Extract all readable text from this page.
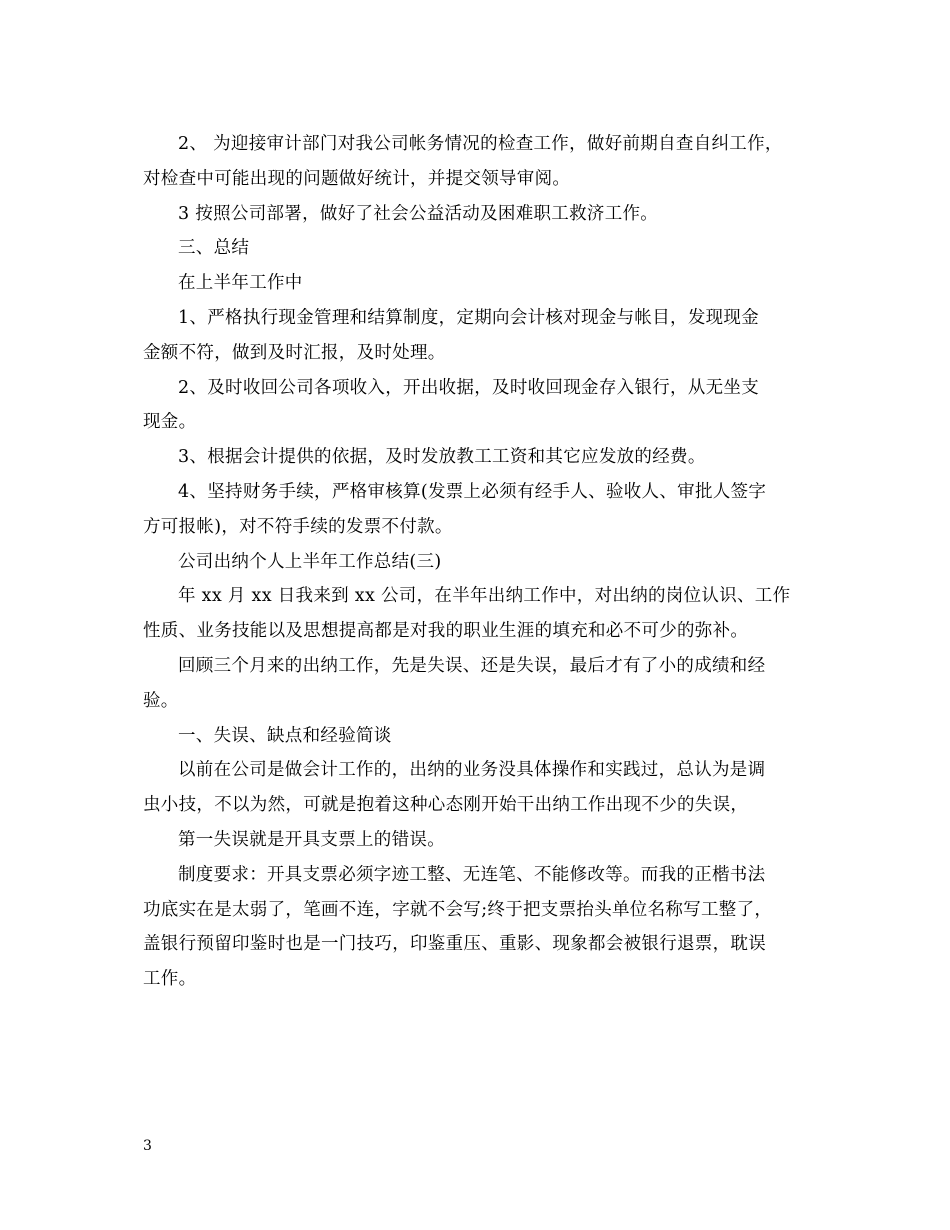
2、 为迎接审计部门对我公司帐务情况的检查工作，做好前期自查自纠工作，
对检查中可能出现的问题做好统计，并提交领导审阅。

3 按照公司部署，做好了社会公益活动及困难职工救济工作。

三、总结

在上半年工作中

1、严格执行现金管理和结算制度，定期向会计核对现金与帐目，发现现金
金额不符，做到及时汇报，及时处理。

2、及时收回公司各项收入，开出收据，及时收回现金存入银行，从无坐支
现金。

3、根据会计提供的依据，及时发放教工工资和其它应发放的经费。

4、坚持财务手续，严格审核算(发票上必须有经手人、验收人、审批人签字
方可报帐)，对不符手续的发票不付款。

公司出纳个人上半年工作总结(三)

年 xx 月 xx 日我来到 xx 公司，在半年出纳工作中，对出纳的岗位认识、工作
性质、业务技能以及思想提高都是对我的职业生涯的填充和必不可少的弥补。

回顾三个月来的出纳工作，先是失误、还是失误，最后才有了小的成绩和经
验。

一、失误、缺点和经验简谈

以前在公司是做会计工作的，出纳的业务没具体操作和实践过，总认为是调
虫小技，不以为然，可就是抱着这种心态刚开始干出纳工作出现不少的失误，

第一失误就是开具支票上的错误。

制度要求：开具支票必须字迹工整、无连笔、不能修改等。而我的正楷书法
功底实在是太弱了，笔画不连，字就不会写;终于把支票抬头单位名称写工整了，
盖银行预留印鉴时也是一门技巧，印鉴重压、重影、现象都会被银行退票，耽误
工作。

3
